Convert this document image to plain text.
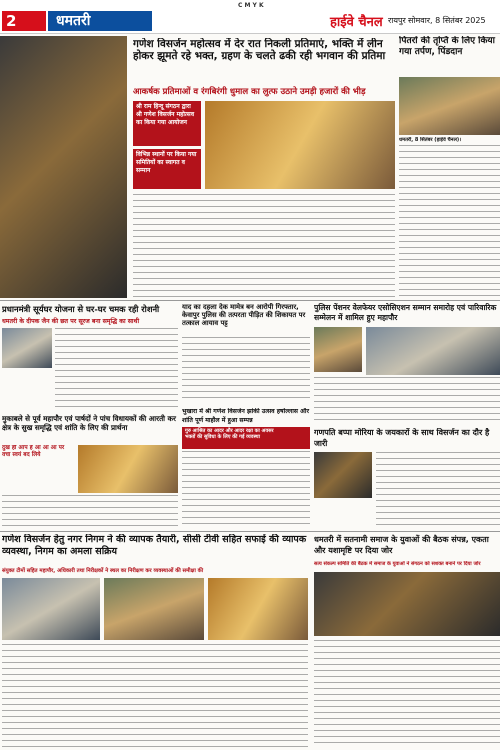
2	धमतरी
C M Y K
हाईवे चैनल रायपुर सोमवार, 8 सितंबर 2025
गणेश विसर्जन महोत्सव में देर रात निकली प्रतिमाएं, भक्ति में लीन होकर झूमते रहे भक्त, ग्रहण के चलते ढकी रही भगवान की प्रतिमा
आकर्षक प्रतिमाओं व रंगबिरंगी धुमाल का लुत्फ उठाने उमड़ी हजारों की भीड़
श्री राम हिन्दू संगठन द्वारा श्री गणेश विसर्जन महोत्सव का किया गया आयोजन
विभिन्न स्थानों पर किया गया समितियों का स्वागत व सम्मान
पितरों की तृप्ति के लिए किया गया तर्पण, पिंडदान
धमतरी, 8 सितंबर (हाईवे चैनल)।
प्रधानमंत्री सूर्यघर योजना से घर-घर चमक रही रोशनी
धमतरी के दीपक जैन की छत पर सूरज बना समृद्धि का साथी
याद का दहला देक मामेत्र बन आरोपी गिरफ्तार, केवापुर पुलिस की तत्परता पीड़ित की शिकायत पर तत्काल आयाव पट्ट
पुलिस पेंशनर वेलफेयर एसोसिएशन सम्मान समारोह एवं पारिवारिक सम्मेलन में शामिल हुए महापौर
मुकाबले से पूर्व महापौर एवं पार्षदों ने पांच विधायकों की आरती कर क्षेत्र के सुख समृद्धि एवं शांति के लिए की प्रार्थना
दुख ही आप है आ आ आ पर वचा स्वयं बद लिये
भुखारा में श्री गणेश विसर्जन झांकी उत्सव हर्षोल्लास और शांति पूर्ण माहौल में हुआ सम्पन्न
गुरु आश्रित का आदर और आदर रक्षा का अवसर
भक्तों की सुविधा के लिए की गई व्यवस्था
गणपति बप्पा मोरिया के जयकारों के साथ विसर्जन का दौर है जारी
गणेश विसर्जन हेतु नगर निगम ने की व्यापक तैयारी, सीसी टीवी सहित सफाई की व्यापक व्यवस्था, निगम का अमला सक्रिय
संयुक्त टीमों सहित महापौर, अधिकारी तथा निरीक्षकों ने स्थल का निरीक्षण कर व्यवस्थाओं की समीक्षा की
धमतरी में सतनामी समाज के युवाओं की बैठक संपन्न, एकता और यशामृष्टि पर दिया जोर
सत्य संकल्प समिति की बैठक में समाज के युवाओं ने संगठन को सशक्त बनाने पर दिया जोर
